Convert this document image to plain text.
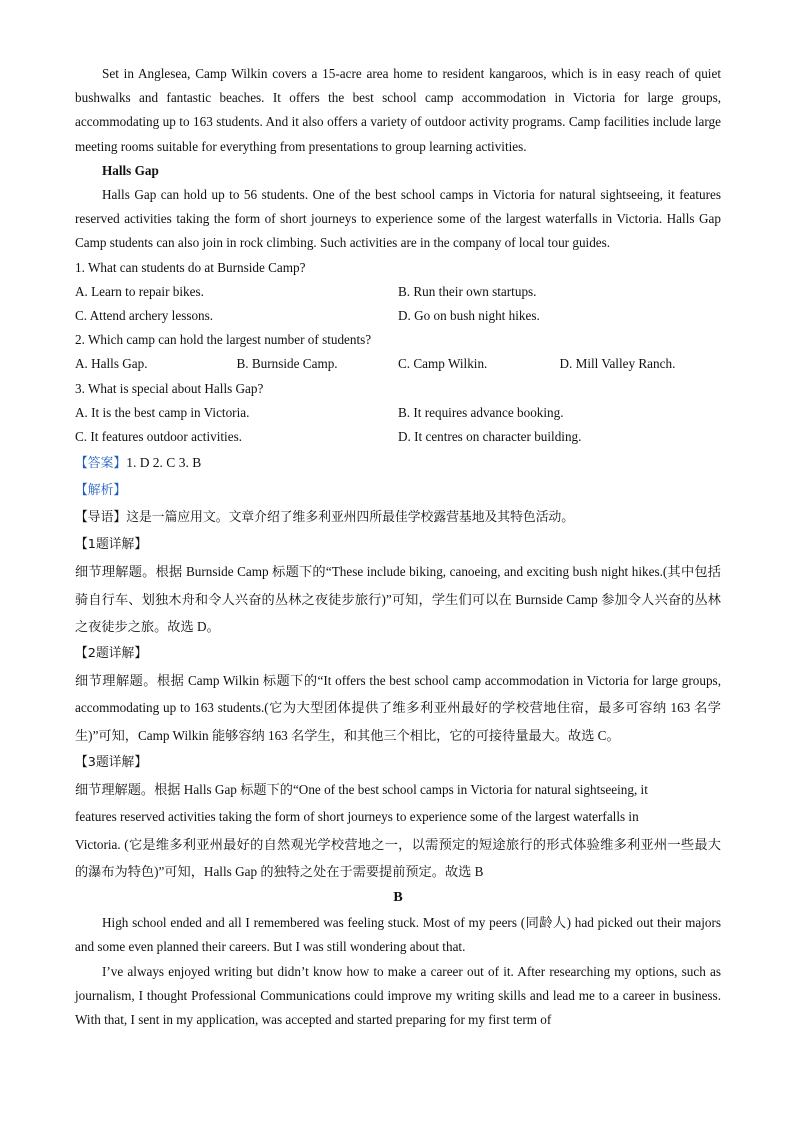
Set in Anglesea, Camp Wilkin covers a 15-acre area home to resident kangaroos, which is in easy reach of quiet bushwalks and fantastic beaches. It offers the best school camp accommodation in Victoria for large groups, accommodating up to 163 students. And it also offers a variety of outdoor activity programs. Camp facilities include large meeting rooms suitable for everything from presentations to group learning activities.

Halls Gap

Halls Gap can hold up to 56 students. One of the best school camps in Victoria for natural sightseeing, it features reserved activities taking the form of short journeys to experience some of the largest waterfalls in Victoria. Halls Gap Camp students can also join in rock climbing. Such activities are in the company of local tour guides.

1. What can students do at Burnside Camp?
A. Learn to repair bikes.	B. Run their own startups.
C. Attend archery lessons.	D. Go on bush night hikes.
2. Which camp can hold the largest number of students?
A. Halls Gap.	B. Burnside Camp.	C. Camp Wilkin.	D. Mill Valley Ranch.
3. What is special about Halls Gap?
A. It is the best camp in Victoria.	B. It requires advance booking.
C. It features outdoor activities.	D. It centres on character building.
【答案】1. D 2. C 3. B
【解析】
【导语】这是一篇应用文。文章介绍了维多利亚州四所最佳学校露营基地及其特色活动。
【1题详解】

细节理解题。根据 Burnside Camp 标题下的“These include biking, canoeing, and exciting bush night hikes.(其中包括骑自行车、划独木舟和令人兴奋的丛林之夜徒步旅行)”可知，学生们可以在 Burnside Camp 参加令人兴奋的丛林之夜徒步之旅。故选 D。

【2题详解】

细节理解题。根据 Camp Wilkin 标题下的“It offers the best school camp accommodation in Victoria for large groups, accommodating up to 163 students.(它为大型团体提供了维多利亚州最好的学校营地住宿，最多可容纳 163 名学生)”可知，Camp Wilkin 能够容纳 163 名学生，和其他三个相比，它的可接待量最大。故选 C。

【3题详解】
细节理解题。根据 Halls Gap 标题下的“One of the best school camps in Victoria for natural sightseeing, it
features reserved activities taking the form of short journeys to experience some of the largest waterfalls in
Victoria. (它是维多利亚州最好的自然观光学校营地之一，以需预定的短途旅行的形式体验维多利亚州一些最大的瀑布为特色)”可知，Halls Gap 的独特之处在于需要提前预定。故选 B
B

High school ended and all I remembered was feeling stuck. Most of my peers (同龄人) had picked out their majors and some even planned their careers. But I was still wondering about that.

I’ve always enjoyed writing but didn’t know how to make a career out of it. After researching my options, such as journalism, I thought Professional Communications could improve my writing skills and lead me to a career in business. With that, I sent in my application, was accepted and started preparing for my first term of
